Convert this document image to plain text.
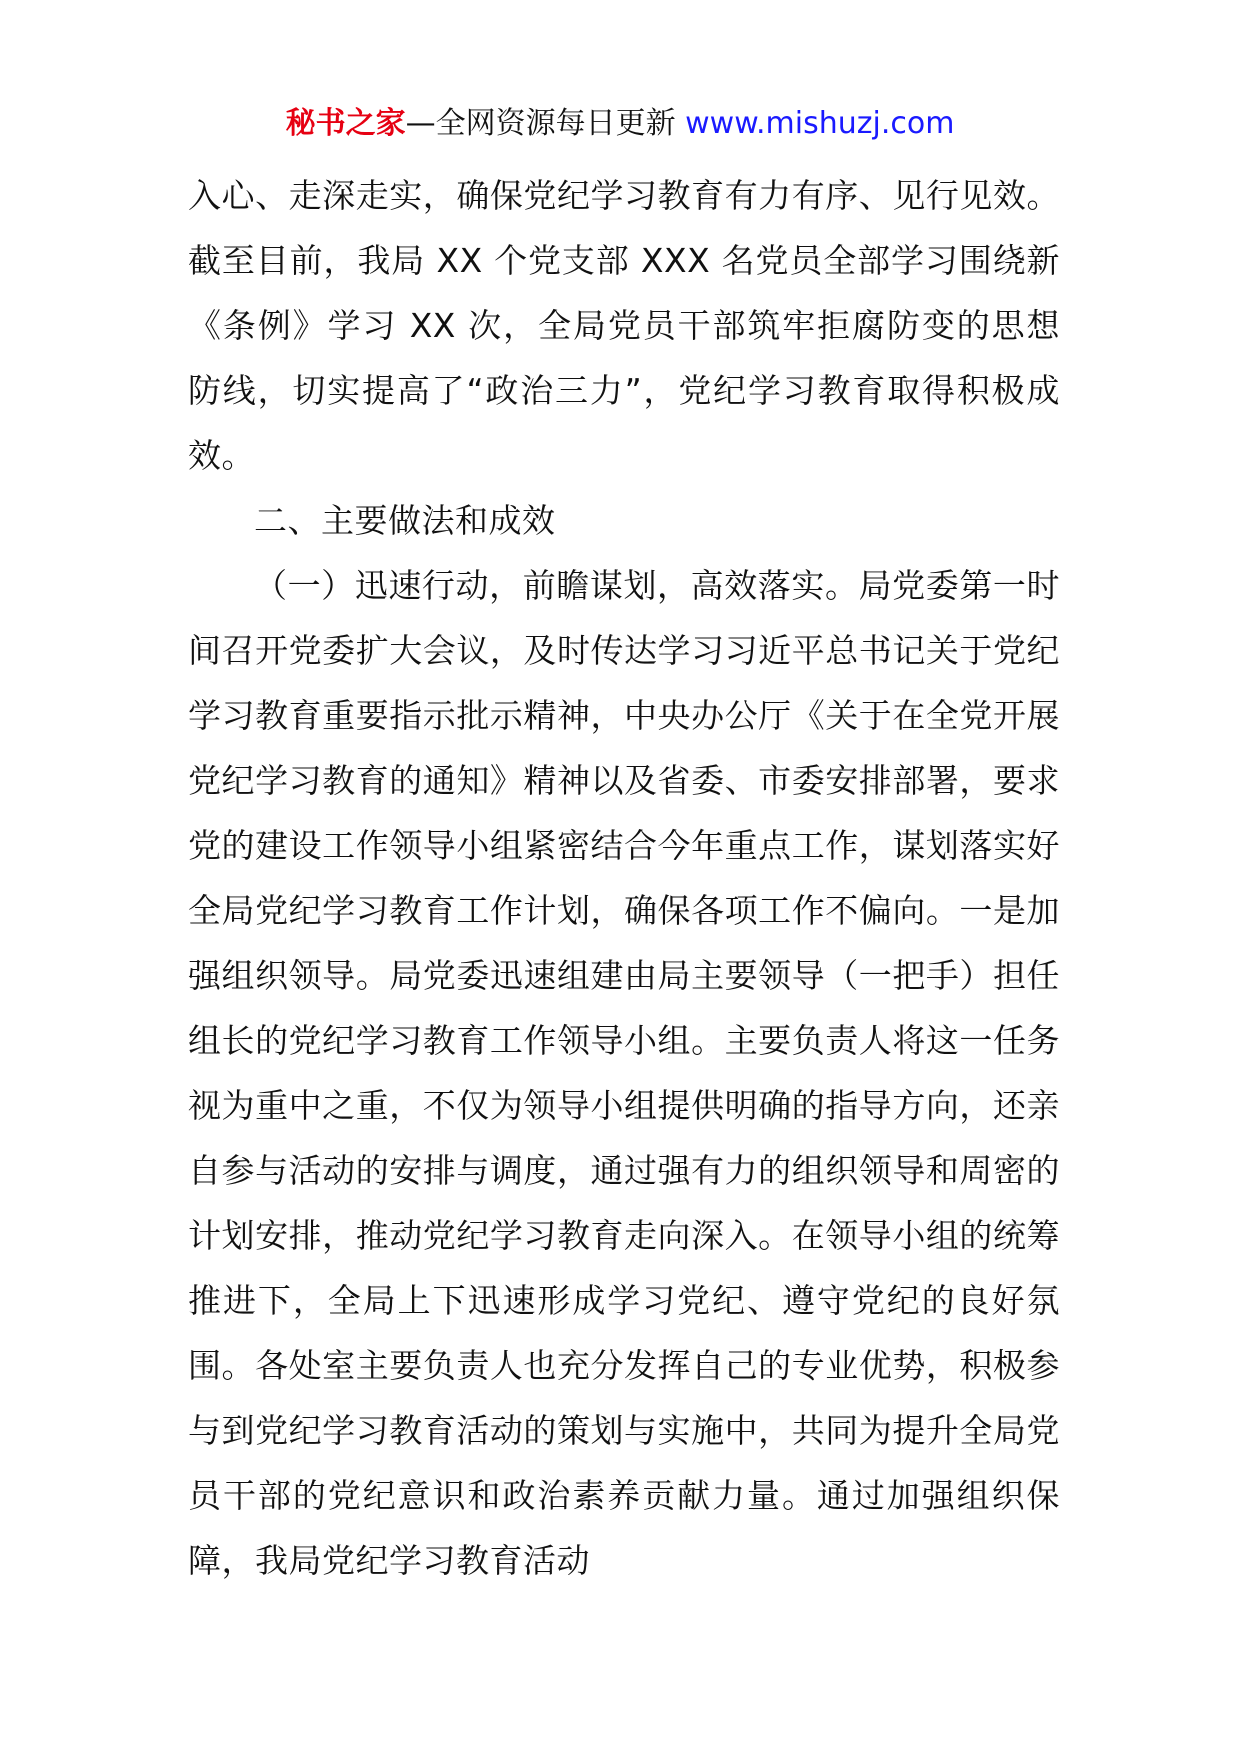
秘书之家—全网资源每日更新 www.mishuzj.com

入心、走深走实，确保党纪学习教育有力有序、见行见效。截至目前，我局 XX 个党支部 XXX 名党员全部学习围绕新《条例》学习 XX 次，全局党员干部筑牢拒腐防变的思想防线，切实提高了“政治三力”，党纪学习教育取得积极成效。

二、主要做法和成效

（一）迅速行动，前瞻谋划，高效落实。局党委第一时间召开党委扩大会议，及时传达学习习近平总书记关于党纪学习教育重要指示批示精神，中央办公厅《关于在全党开展党纪学习教育的通知》精神以及省委、市委安排部署，要求党的建设工作领导小组紧密结合今年重点工作，谋划落实好全局党纪学习教育工作计划，确保各项工作不偏向。一是加强组织领导。局党委迅速组建由局主要领导（一把手）担任组长的党纪学习教育工作领导小组。主要负责人将这一任务视为重中之重，不仅为领导小组提供明确的指导方向，还亲自参与活动的安排与调度，通过强有力的组织领导和周密的计划安排，推动党纪学习教育走向深入。在领导小组的统筹推进下，全局上下迅速形成学习党纪、遵守党纪的良好氛围。各处室主要负责人也充分发挥自己的专业优势，积极参与到党纪学习教育活动的策划与实施中，共同为提升全局党员干部的党纪意识和政治素养贡献力量。通过加强组织保障，我局党纪学习教育活动
